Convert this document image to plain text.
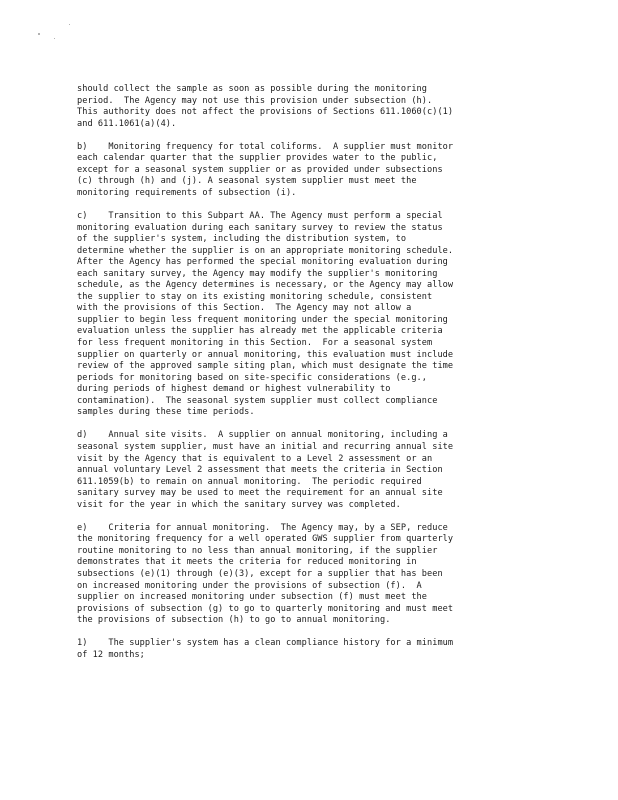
should collect the sample as soon as possible during the monitoring
period.  The Agency may not use this provision under subsection (h).
This authority does not affect the provisions of Sections 611.1060(c)(1)
and 611.1061(a)(4).

b)    Monitoring frequency for total coliforms.  A supplier must monitor
each calendar quarter that the supplier provides water to the public,
except for a seasonal system supplier or as provided under subsections
(c) through (h) and (j). A seasonal system supplier must meet the
monitoring requirements of subsection (i).

c)    Transition to this Subpart AA. The Agency must perform a special
monitoring evaluation during each sanitary survey to review the status
of the supplier's system, including the distribution system, to
determine whether the supplier is on an appropriate monitoring schedule.
After the Agency has performed the special monitoring evaluation during
each sanitary survey, the Agency may modify the supplier's monitoring
schedule, as the Agency determines is necessary, or the Agency may allow
the supplier to stay on its existing monitoring schedule, consistent
with the provisions of this Section.  The Agency may not allow a
supplier to begin less frequent monitoring under the special monitoring
evaluation unless the supplier has already met the applicable criteria
for less frequent monitoring in this Section.  For a seasonal system
supplier on quarterly or annual monitoring, this evaluation must include
review of the approved sample siting plan, which must designate the time
periods for monitoring based on site-specific considerations (e.g.,
during periods of highest demand or highest vulnerability to
contamination).  The seasonal system supplier must collect compliance
samples during these time periods.

d)    Annual site visits.  A supplier on annual monitoring, including a
seasonal system supplier, must have an initial and recurring annual site
visit by the Agency that is equivalent to a Level 2 assessment or an
annual voluntary Level 2 assessment that meets the criteria in Section
611.1059(b) to remain on annual monitoring.  The periodic required
sanitary survey may be used to meet the requirement for an annual site
visit for the year in which the sanitary survey was completed.

e)    Criteria for annual monitoring.  The Agency may, by a SEP, reduce
the monitoring frequency for a well operated GWS supplier from quarterly
routine monitoring to no less than annual monitoring, if the supplier
demonstrates that it meets the criteria for reduced monitoring in
subsections (e)(1) through (e)(3), except for a supplier that has been
on increased monitoring under the provisions of subsection (f).  A
supplier on increased monitoring under subsection (f) must meet the
provisions of subsection (g) to go to quarterly monitoring and must meet
the provisions of subsection (h) to go to annual monitoring.

1)    The supplier's system has a clean compliance history for a minimum
of 12 months;
